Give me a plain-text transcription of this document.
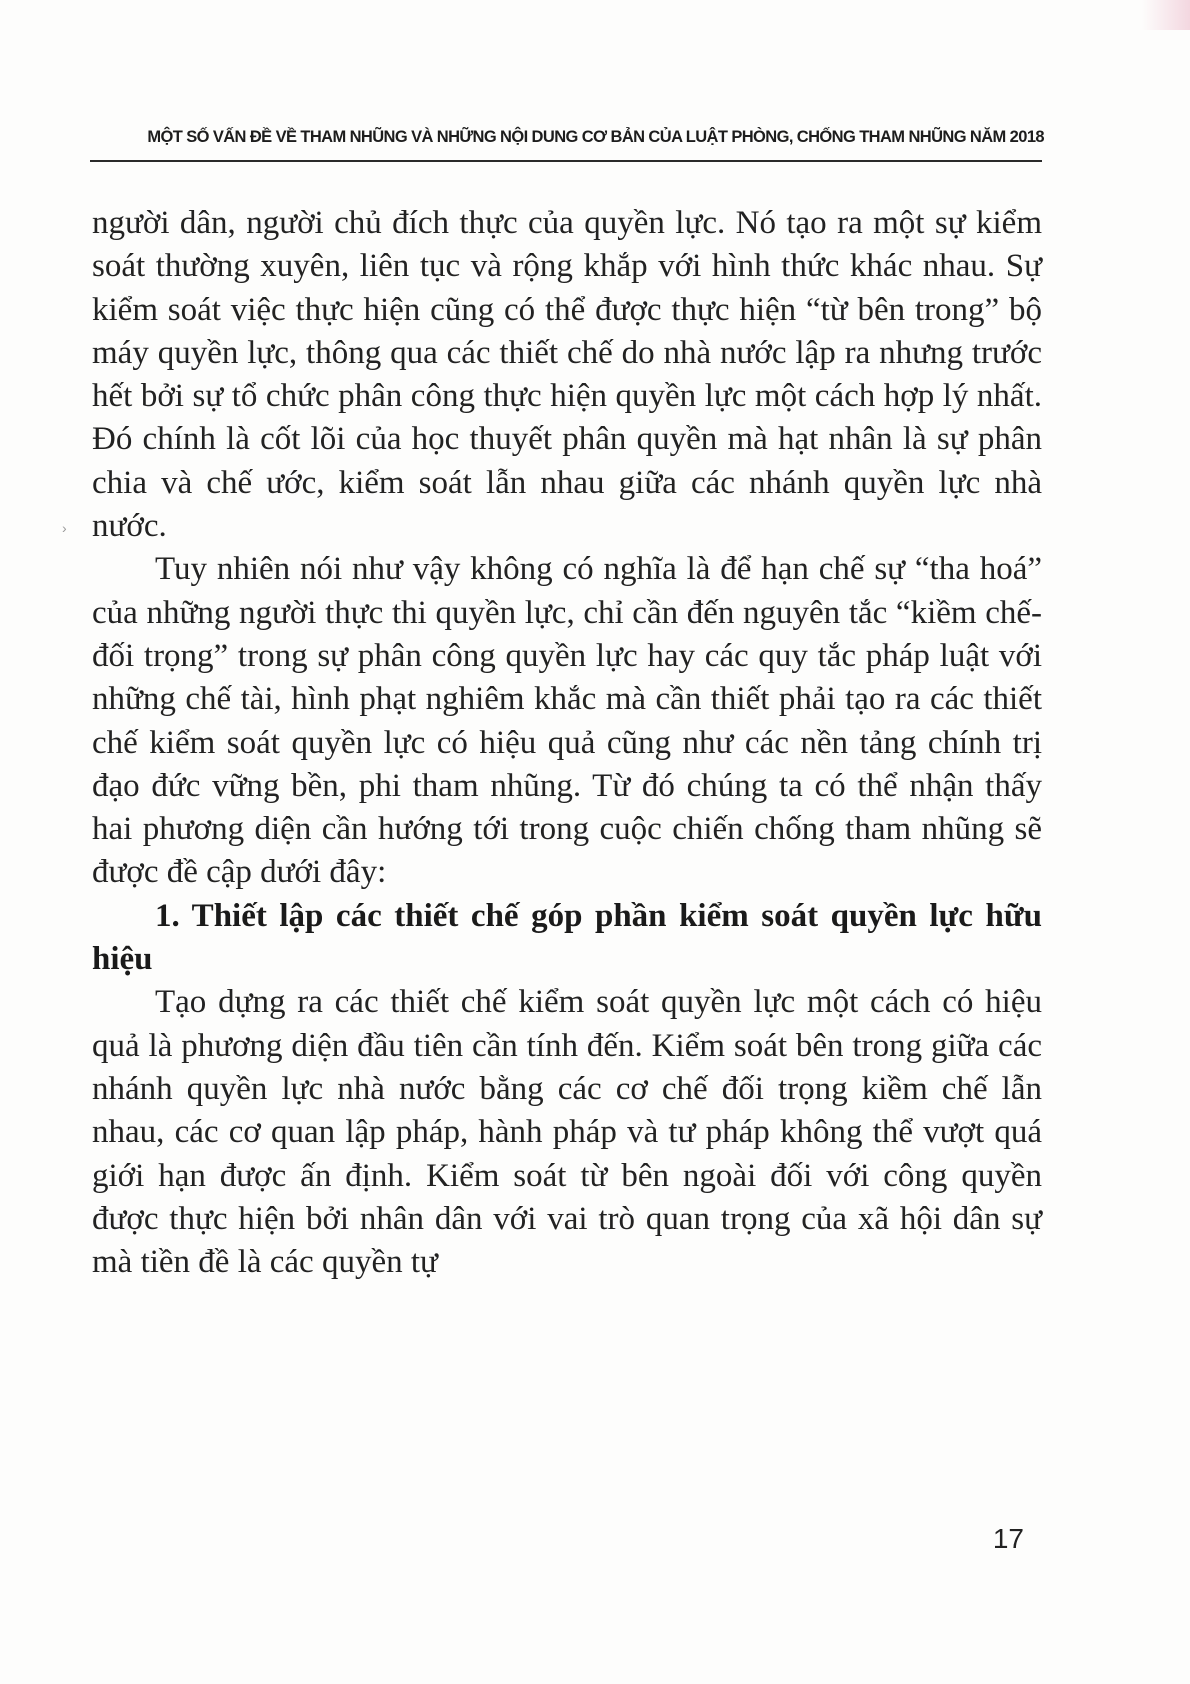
MỘT SỐ VẤN ĐỀ VỀ THAM NHŨNG VÀ NHỮNG NỘI DUNG CƠ BẢN CỦA LUẬT PHÒNG, CHỐNG THAM NHŨNG NĂM 2018
›

người dân, người chủ đích thực của quyền lực. Nó tạo ra một sự kiểm soát thường xuyên, liên tục và rộng khắp với hình thức khác nhau. Sự kiểm soát việc thực hiện cũng có thể được thực hiện “từ bên trong” bộ máy quyền lực, thông qua các thiết chế do nhà nước lập ra nhưng trước hết bởi sự tổ chức phân công thực hiện quyền lực một cách hợp lý nhất. Đó chính là cốt lõi của học thuyết phân quyền mà hạt nhân là sự phân chia và chế ước, kiểm soát lẫn nhau giữa các nhánh quyền lực nhà nước.

Tuy nhiên nói như vậy không có nghĩa là để hạn chế sự “tha hoá” của những người thực thi quyền lực, chỉ cần đến nguyên tắc “kiềm chế-đối trọng” trong sự phân công quyền lực hay các quy tắc pháp luật với những chế tài, hình phạt nghiêm khắc mà cần thiết phải tạo ra các thiết chế kiểm soát quyền lực có hiệu quả cũng như các nền tảng chính trị đạo đức vững bền, phi tham nhũng. Từ đó chúng ta có thể nhận thấy hai phương diện cần hướng tới trong cuộc chiến chống tham nhũng sẽ được đề cập dưới đây:

1. Thiết lập các thiết chế góp phần kiểm soát quyền lực hữu hiệu

Tạo dựng ra các thiết chế kiểm soát quyền lực một cách có hiệu quả là phương diện đầu tiên cần tính đến. Kiểm soát bên trong giữa các nhánh quyền lực nhà nước bằng các cơ chế đối trọng kiềm chế lẫn nhau, các cơ quan lập pháp, hành pháp và tư pháp không thể vượt quá giới hạn được ấn định. Kiểm soát từ bên ngoài đối với công quyền được thực hiện bởi nhân dân với vai trò quan trọng của xã hội dân sự mà tiền đề là các quyền tự

17
